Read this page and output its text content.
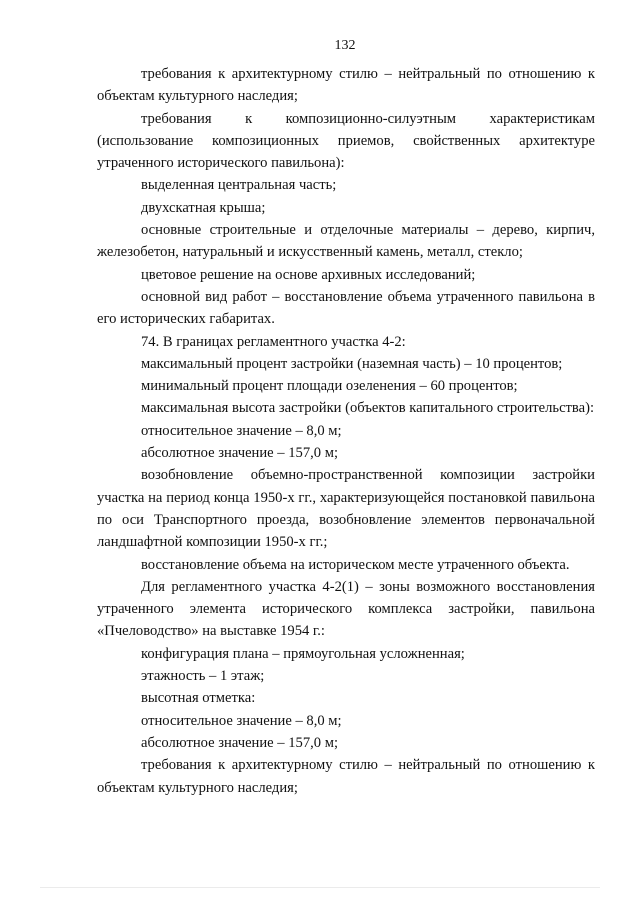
132

требования к архитектурному стилю – нейтральный по отношению к объектам культурного наследия;

требования к композиционно-силуэтным характеристикам (использование композиционных приемов, свойственных архитектуре утраченного исторического павильона):

выделенная центральная часть;

двухскатная крыша;

основные строительные и отделочные материалы – дерево, кирпич, железобетон, натуральный и искусственный камень, металл, стекло;

цветовое решение на основе архивных исследований;

основной вид работ – восстановление объема утраченного павильона в его исторических габаритах.

74. В границах регламентного участка 4-2:

максимальный процент застройки (наземная часть) – 10 процентов;

минимальный процент площади озеленения – 60 процентов;

максимальная высота застройки (объектов капитального строительства):

относительное значение – 8,0 м;

абсолютное значение – 157,0 м;

возобновление объемно-пространственной композиции застройки участка на период конца 1950-х гг., характеризующейся постановкой павильона по оси Транспортного проезда, возобновление элементов первоначальной ландшафтной композиции 1950-х гг.;

восстановление объема на историческом месте утраченного объекта.

Для регламентного участка 4-2(1) – зоны возможного восстановления утраченного элемента исторического комплекса застройки, павильона «Пчеловодство» на выставке 1954 г.:

конфигурация плана – прямоугольная усложненная;

этажность – 1 этаж;

высотная отметка:

относительное значение – 8,0 м;

абсолютное значение – 157,0 м;

требования к архитектурному стилю – нейтральный по отношению к объектам культурного наследия;
